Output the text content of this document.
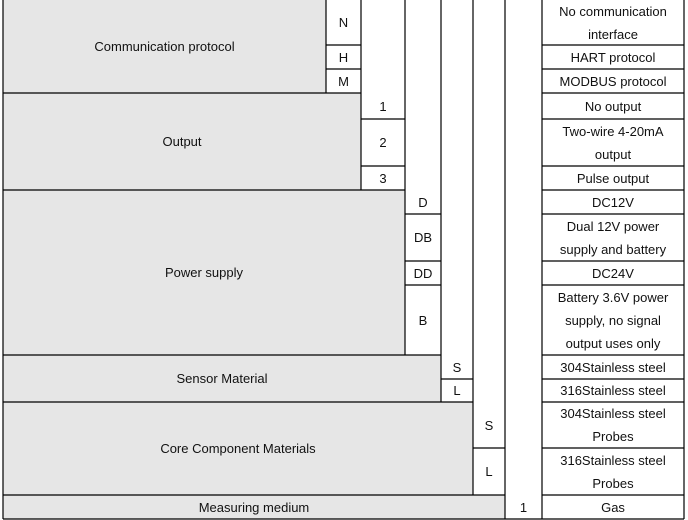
Communication protocol
Output
Power supply
Sensor Material
Core Component Materials
Measuring medium
N
H
M
1
2
3
D
DB
DD
B
S
L
S
L
1
No communication interface
HART protocol
MODBUS protocol
No output
Two-wire 4-20mA output
Pulse output
DC12V
Dual 12V power supply and battery
DC24V
Battery 3.6V power supply, no signal output uses only
304Stainless steel
316Stainless steel
304Stainless steel Probes
316Stainless steel Probes
Gas
